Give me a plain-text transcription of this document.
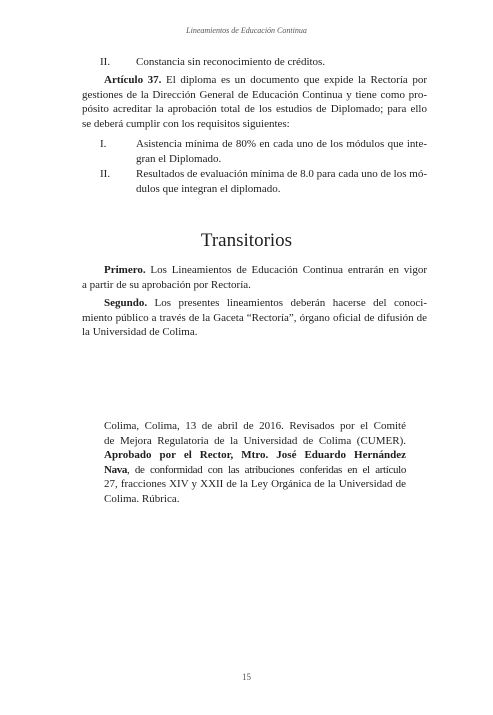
Lineamientos de Educación Continua
II. Constancia sin reconocimiento de créditos.
Artículo 37. El diploma es un documento que expide la Rectoría por
gestiones de la Dirección General de Educación Continua y tiene como pro-
pósito acreditar la aprobación total de los estudios de Diplomado; para ello
se deberá cumplir con los requisitos siguientes:
I.	Asistencia mínima de 80% en cada uno de los módulos que inte-
gran el Diplomado.
II. Resultados de evaluación mínima de 8.0 para cada uno de los mó-
dulos que integran el diplomado.
Transitorios
Primero. Los Lineamientos de Educación Continua entrarán en vigor
a partir de su aprobación por Rectoría.
Segundo. Los presentes lineamientos deberán hacerse del conoci-
miento público a través de la Gaceta “Rectoría”, órgano oficial de difusión de
la Universidad de Colima.
Colima, Colima, 13 de abril de 2016. Revisados por el Comité
de Mejora Regulatoria de la Universidad de Colima (CUMER).
Aprobado por el Rector, Mtro. José Eduardo Hernández
Nava, de conformidad con las atribuciones conferidas en el artículo
27, fracciones XIV y XXII de la Ley Orgánica de la Universidad de
Colima. Rúbrica.
15
